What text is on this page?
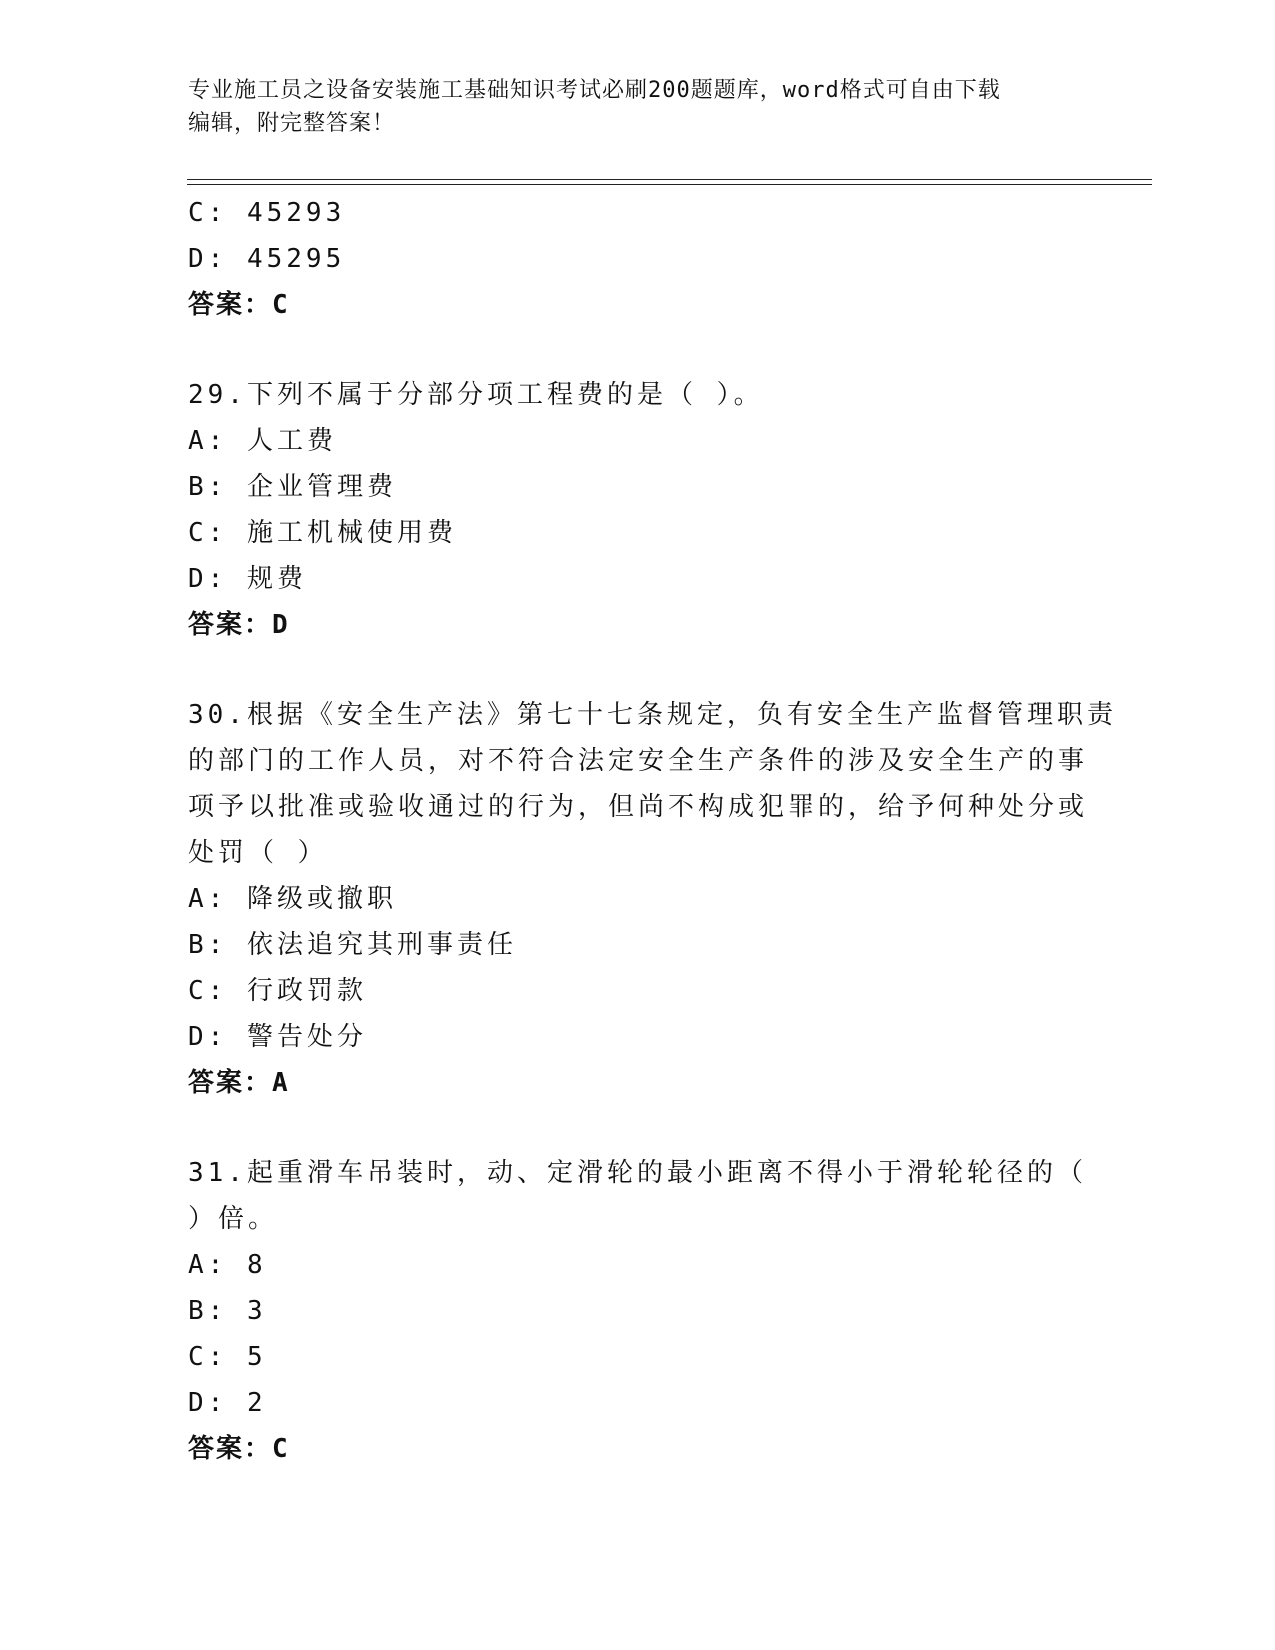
专业施工员之设备安装施工基础知识考试必刷200题题库，word格式可自由下载
编辑，附完整答案！
C: 45293
D: 45295
答案：C
29.下列不属于分部分项工程费的是（ ）。
A: 人工费
B: 企业管理费
C: 施工机械使用费
D: 规费
答案：D
30.根据《安全生产法》第七十七条规定，负有安全生产监督管理职责
的部门的工作人员，对不符合法定安全生产条件的涉及安全生产的事
项予以批准或验收通过的行为，但尚不构成犯罪的，给予何种处分或
处罚（ ）
A: 降级或撤职
B: 依法追究其刑事责任
C: 行政罚款
D: 警告处分
答案：A
31.起重滑车吊装时，动、定滑轮的最小距离不得小于滑轮轮径的（
）倍。
A: 8
B: 3
C: 5
D: 2
答案：C
